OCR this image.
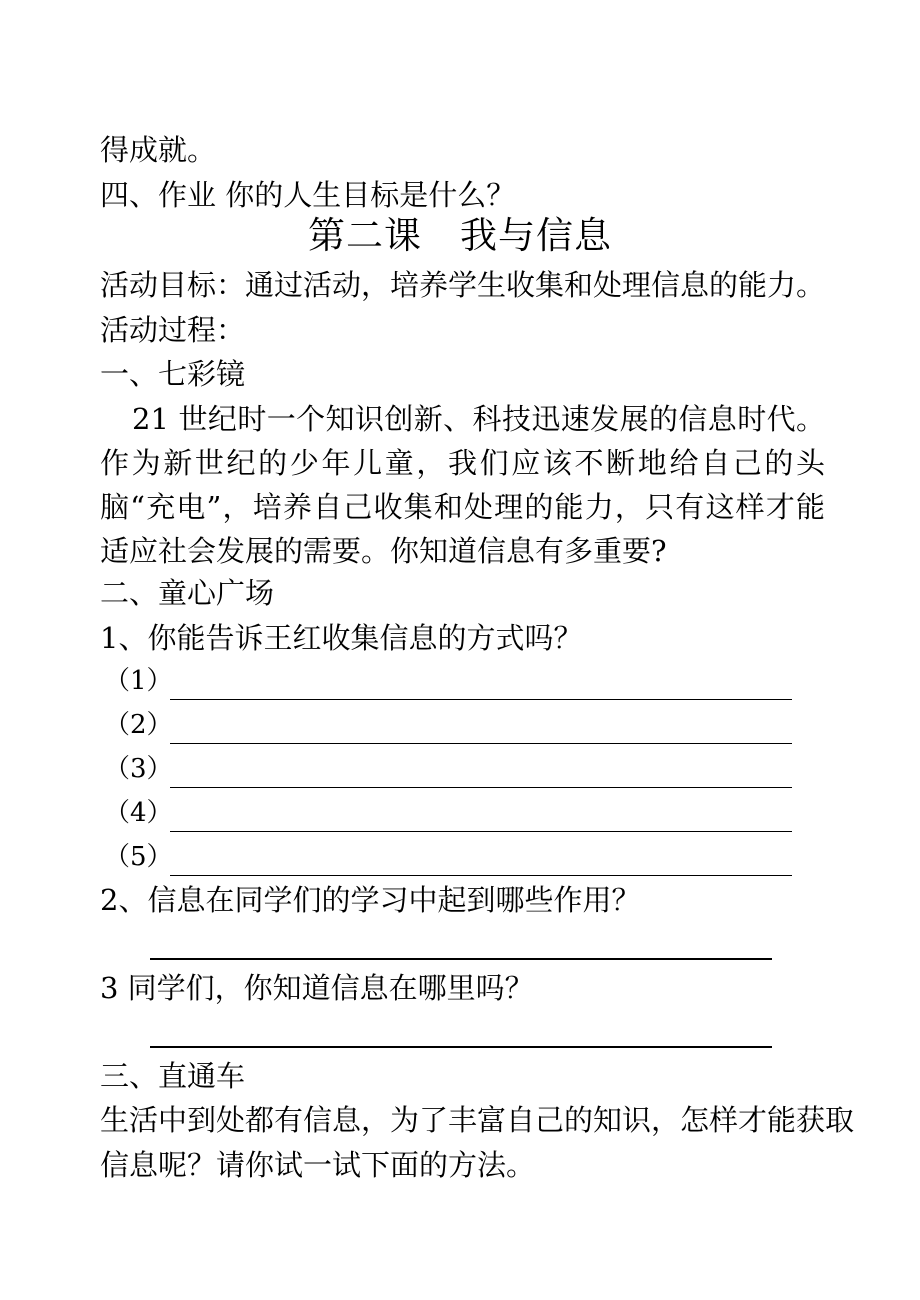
得成就。

四、作业 你的人生目标是什么？

第二课　我与信息

活动目标：通过活动，培养学生收集和处理信息的能力。

活动过程：

一、七彩镜

21 世纪时一个知识创新、科技迅速发展的信息时代。作为新世纪的少年儿童，我们应该不断地给自己的头脑“充电”，培养自己收集和处理的能力，只有这样才能适应社会发展的需要。你知道信息有多重要?

二、童心广场

1、你能告诉王红收集信息的方式吗？

（1）
（2）
（3）
（4）
（5）

2、信息在同学们的学习中起到哪些作用？

3 同学们，你知道信息在哪里吗？

三、直通车

生活中到处都有信息，为了丰富自己的知识，怎样才能获取

信息呢？请你试一试下面的方法。
